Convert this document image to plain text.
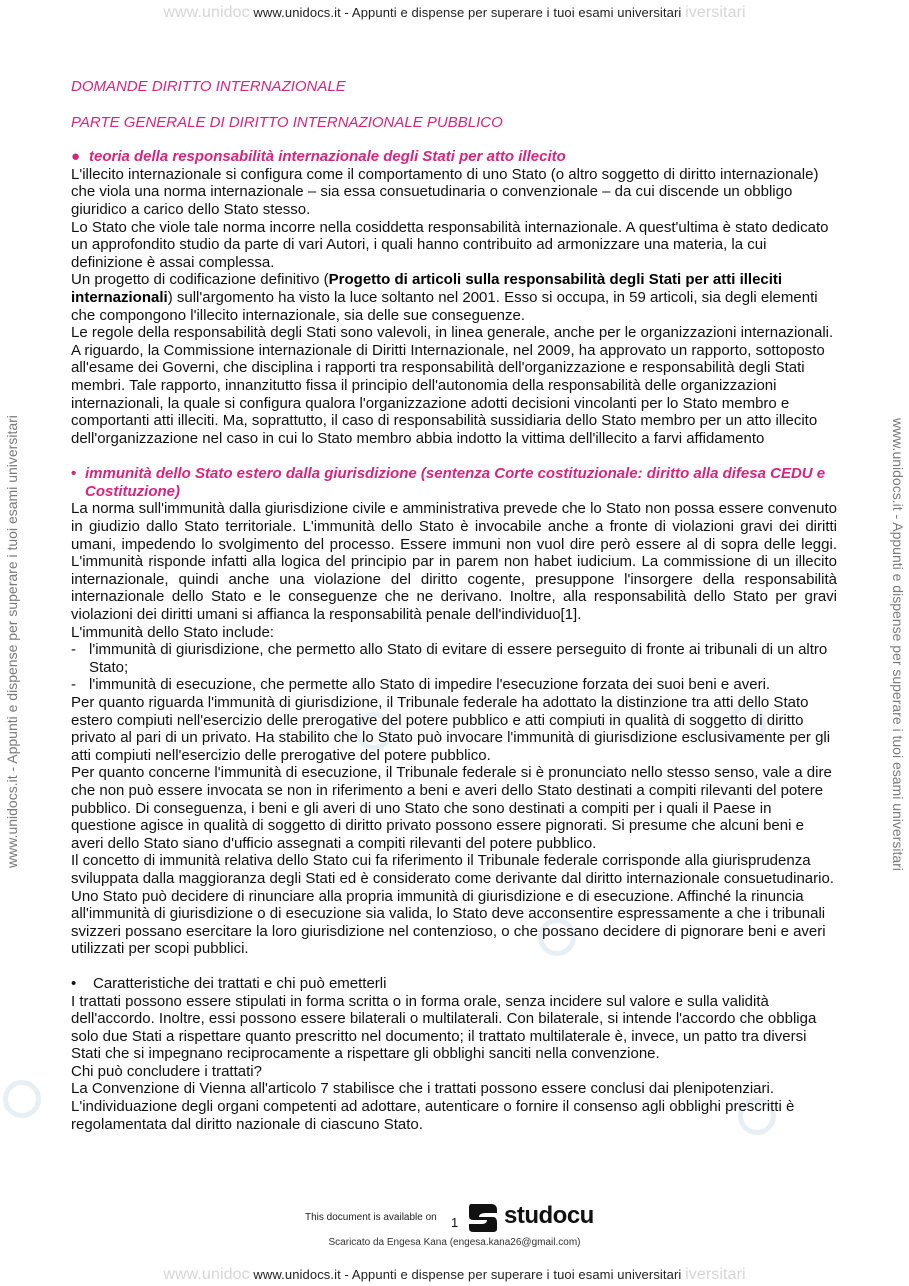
www.unidoc www.unidocs.it - Appunti e dispense per superare i tuoi esami universitari iversitari
www.unidocs.it - Appunti e dispense per superare i tuoi esami universitari	www.unidocs.it - Appunti e dispense per superare i tuoi esami universitari

DOMANDE DIRITTO INTERNAZIONALE

PARTE GENERALE DI DIRITTO INTERNAZIONALE PUBBLICO

● teoria della responsabilità internazionale degli Stati per atto illecito

L'illecito internazionale si configura come il comportamento di uno Stato (o altro soggetto di diritto internazionale) che viola una norma internazionale – sia essa consuetudinaria o convenzionale – da cui discende un obbligo giuridico a carico dello Stato stesso.

Lo Stato che viole tale norma incorre nella cosiddetta responsabilità internazionale. A quest'ultima è stato dedicato un approfondito studio da parte di vari Autori, i quali hanno contribuito ad armonizzare una materia, la cui definizione è assai complessa.

Un progetto di codificazione definitivo (Progetto di articoli sulla responsabilità degli Stati per atti illeciti internazionali) sull'argomento ha visto la luce soltanto nel 2001. Esso si occupa, in 59 articoli, sia degli elementi che compongono l'illecito internazionale, sia delle sue conseguenze.

Le regole della responsabilità degli Stati sono valevoli, in linea generale, anche per le organizzazioni internazionali. A riguardo, la Commissione internazionale di Diritti Internazionale, nel 2009, ha approvato un rapporto, sottoposto all'esame dei Governi, che disciplina i rapporti tra responsabilità dell'organizzazione e responsabilità degli Stati membri. Tale rapporto, innanzitutto fissa il principio dell'autonomia della responsabilità delle organizzazioni internazionali, la quale si configura qualora l'organizzazione adotti decisioni vincolanti per lo Stato membro e comportanti atti illeciti. Ma, soprattutto, il caso di responsabilità sussidiaria dello Stato membro per un atto illecito dell'organizzazione nel caso in cui lo Stato membro abbia indotto la vittima dell'illecito a farvi affidamento

• immunità dello Stato estero dalla giurisdizione (sentenza Corte costituzionale: diritto alla difesa CEDU e Costituzione)

La norma sull'immunità dalla giurisdizione civile e amministrativa prevede che lo Stato non possa essere convenuto in giudizio dallo Stato territoriale. L'immunità dello Stato è invocabile anche a fronte di violazioni gravi dei diritti umani, impedendo lo svolgimento del processo. Essere immuni non vuol dire però essere al di sopra delle leggi. L'immunità risponde infatti alla logica del principio par in parem non habet iudicium. La commissione di un illecito internazionale, quindi anche una violazione del diritto cogente, presuppone l'insorgere della responsabilità internazionale dello Stato e le conseguenze che ne derivano. Inoltre, alla responsabilità dello Stato per gravi violazioni dei diritti umani si affianca la responsabilità penale dell'individuo[1].

L'immunità dello Stato include:

- l'immunità di giurisdizione, che permetto allo Stato di evitare di essere perseguito di fronte ai tribunali di un altro Stato;
- l'immunità di esecuzione, che permette allo Stato di impedire l'esecuzione forzata dei suoi beni e averi.

Per quanto riguarda l'immunità di giurisdizione, il Tribunale federale ha adottato la distinzione tra atti dello Stato estero compiuti nell'esercizio delle prerogative del potere pubblico e atti compiuti in qualità di soggetto di diritto privato al pari di un privato. Ha stabilito che lo Stato può invocare l'immunità di giurisdizione esclusivamente per gli atti compiuti nell'esercizio delle prerogative del potere pubblico.

Per quanto concerne l'immunità di esecuzione, il Tribunale federale si è pronunciato nello stesso senso, vale a dire che non può essere invocata se non in riferimento a beni e averi dello Stato destinati a compiti rilevanti del potere pubblico. Di conseguenza, i beni e gli averi di uno Stato che sono destinati a compiti per i quali il Paese in questione agisce in qualità di soggetto di diritto privato possono essere pignorati. Si presume che alcuni beni e averi dello Stato siano d'ufficio assegnati a compiti rilevanti del potere pubblico.

Il concetto di immunità relativa dello Stato cui fa riferimento il Tribunale federale corrisponde alla giurisprudenza sviluppata dalla maggioranza degli Stati ed è considerato come derivante dal diritto internazionale consuetudinario.

Uno Stato può decidere di rinunciare alla propria immunità di giurisdizione e di esecuzione. Affinché la rinuncia all'immunità di giurisdizione o di esecuzione sia valida, lo Stato deve acconsentire espressamente a che i tribunali svizzeri possano esercitare la loro giurisdizione nel contenzioso, o che possano decidere di pignorare beni e averi utilizzati per scopi pubblici.

•	Caratteristiche dei trattati e chi può emetterli

I trattati possono essere stipulati in forma scritta o in forma orale, senza incidere sul valore e sulla validità dell'accordo. Inoltre, essi possono essere bilaterali o multilaterali. Con bilaterale, si intende l'accordo che obbliga solo due Stati a rispettare quanto prescritto nel documento; il trattato multilaterale è, invece, un patto tra diversi Stati che si impegnano reciprocamente a rispettare gli obblighi sanciti nella convenzione.

Chi può concludere i trattati?

La Convenzione di Vienna all'articolo 7 stabilisce che i trattati possono essere conclusi dai plenipotenziari.

L'individuazione degli organi competenti ad adottare, autenticare o fornire il consenso agli obblighi prescritti è regolamentata dal diritto nazionale di ciascuno Stato.

This document is available on 1 studocu
Scaricato da Engesa Kana (engesa.kana26@gmail.com)
www.unidoc www.unidocs.it - Appunti e dispense per superare i tuoi esami universitari iversitari
